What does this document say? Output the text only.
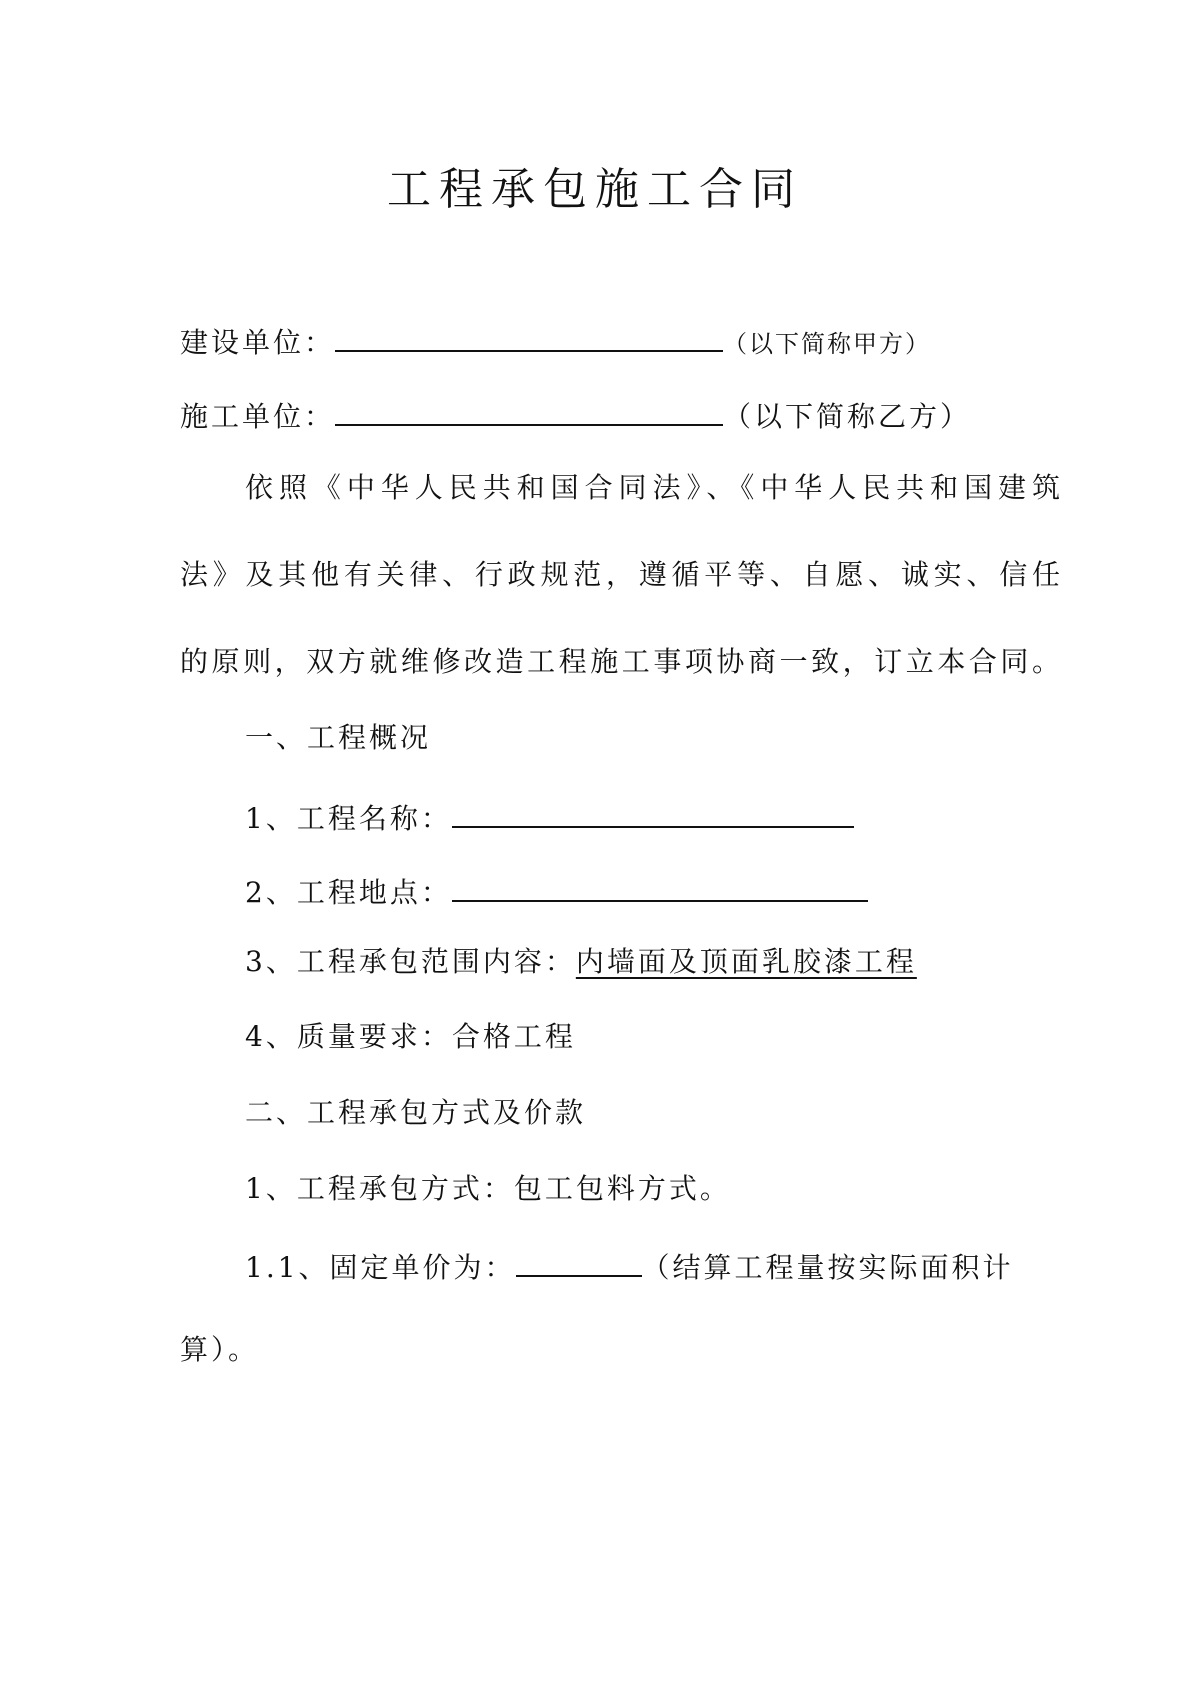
工程承包施工合同
建设单位：	（以下简称甲方）
施工单位：	（以下简称乙方）
依照《中华人民共和国合同法》、《中华人民共和国建筑
法》及其他有关律、行政规范，遵循平等、自愿、诚实、信任
的原则，双方就维修改造工程施工事项协商一致，订立本合同。
一、工程概况
1、工程名称：
2、工程地点：
3、工程承包范围内容：内墙面及顶面乳胶漆工程
4、质量要求：合格工程
二、工程承包方式及价款
1、工程承包方式：包工包料方式。
1.1、固定单价为：	（结算工程量按实际面积计
算）。
